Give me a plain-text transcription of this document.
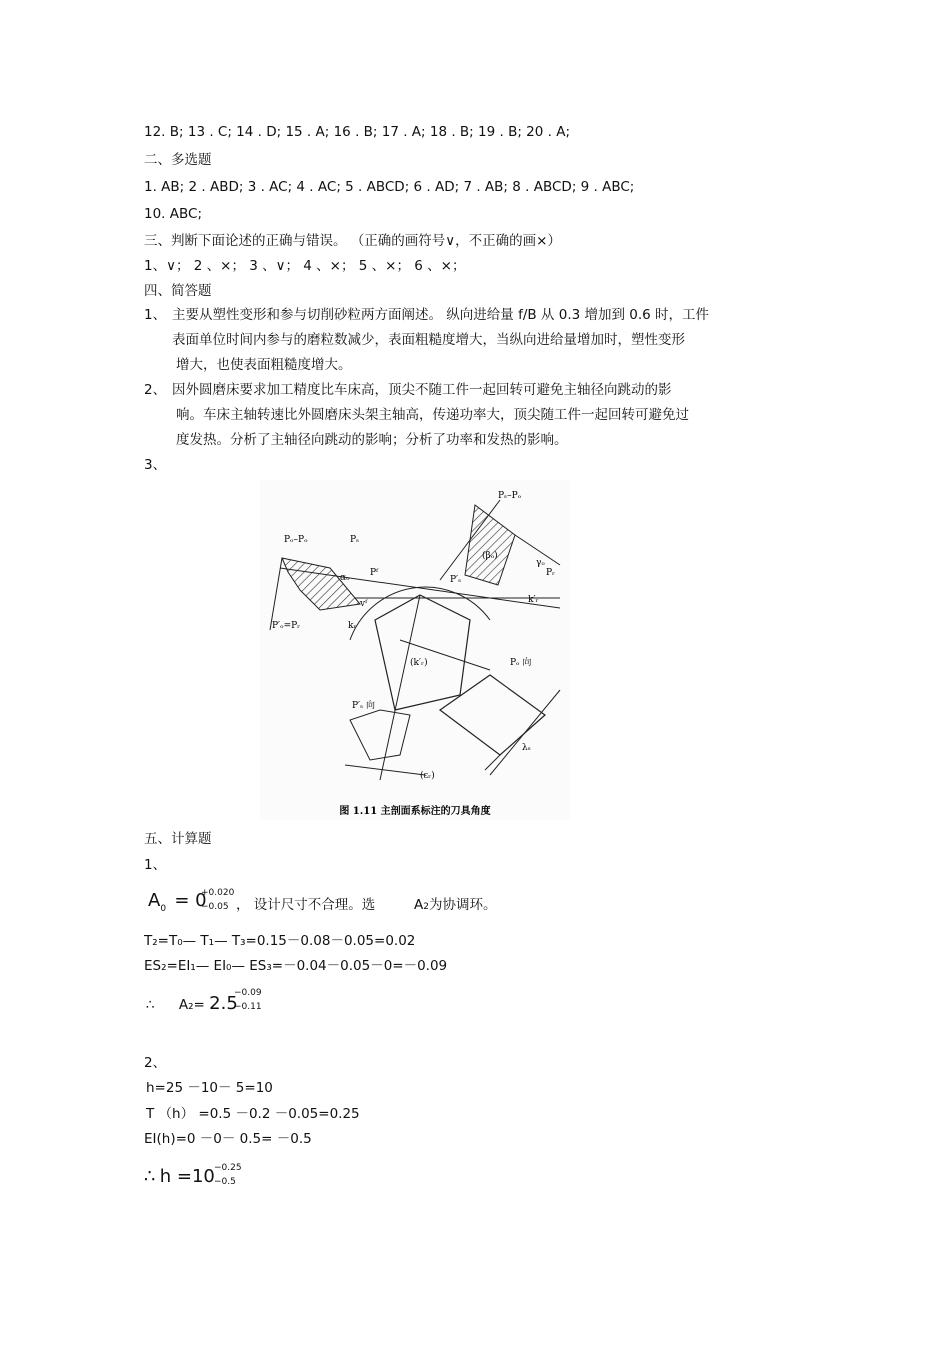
12. B; 13 . C; 14 . D; 15 . A; 16 . B; 17 . A; 18 . B; 19 . B; 20 . A;
二、多选题
1. AB; 2 . ABD; 3 . AC; 4 . AC; 5 . ABCD; 6 . AD; 7 . AB; 8 . ABCD; 9 . ABC;
10. ABC;
三、判断下面论述的正确与错误。 （正确的画符号∨，不正确的画×）
1、∨； 2 、×； 3 、∨； 4 、×； 5 、×； 6 、×；
四、简答题
1、 主要从塑性变形和参与切削砂粒两方面阐述。 纵向进给量 f/B 从 0.3 增加到 0.6 时，工件
表面单位时间内参与的磨粒数减少，表面粗糙度增大，当纵向进给量增加时，塑性变形
增大，也使表面粗糙度增大。
2、 因外圆磨床要求加工精度比车床高，顶尖不随工件一起回转可避免主轴径向跳动的影
响。车床主轴转速比外圆磨床头架主轴高，传递功率大，顶尖随工件一起回转可避免过
度发热。分析了主轴径向跳动的影响；分析了功率和发热的影响。
3、
Pₛ–Pₒ
Pₒ–Pₒ	Pₛ
Pᵣ
Pᶠ
P′ₛ
P′ₒ=Pᵣ
vᶠ
kᵣ
k′ᵣ
αₒ
(βₒ)
γₒ
Pₒ 向
P′ₛ 向
λₛ
(εᵣ)
(k′ᵣ)
图 1.11 主剖面系标注的刀具角度
五、计算题
1、
$A_0 = 0$
+0.020
−0.05 ， 设计尺寸不合理。选	A2为协调环。
T₂=T₀— T₁— T₃=0.15－0.08－0.05=0.02
ES₂=EI₁— EI₀— ES₃=－0.04－0.05－0=－0.09
∴ A₂= 2.5
−0.09
−0.11
2、
h=25 －10－ 5=10
T （h） =0.5 －0.2 －0.05=0.25
EI(h)=0 －0－ 0.5= －0.5
∴ h =10 −0.25
−0.5
